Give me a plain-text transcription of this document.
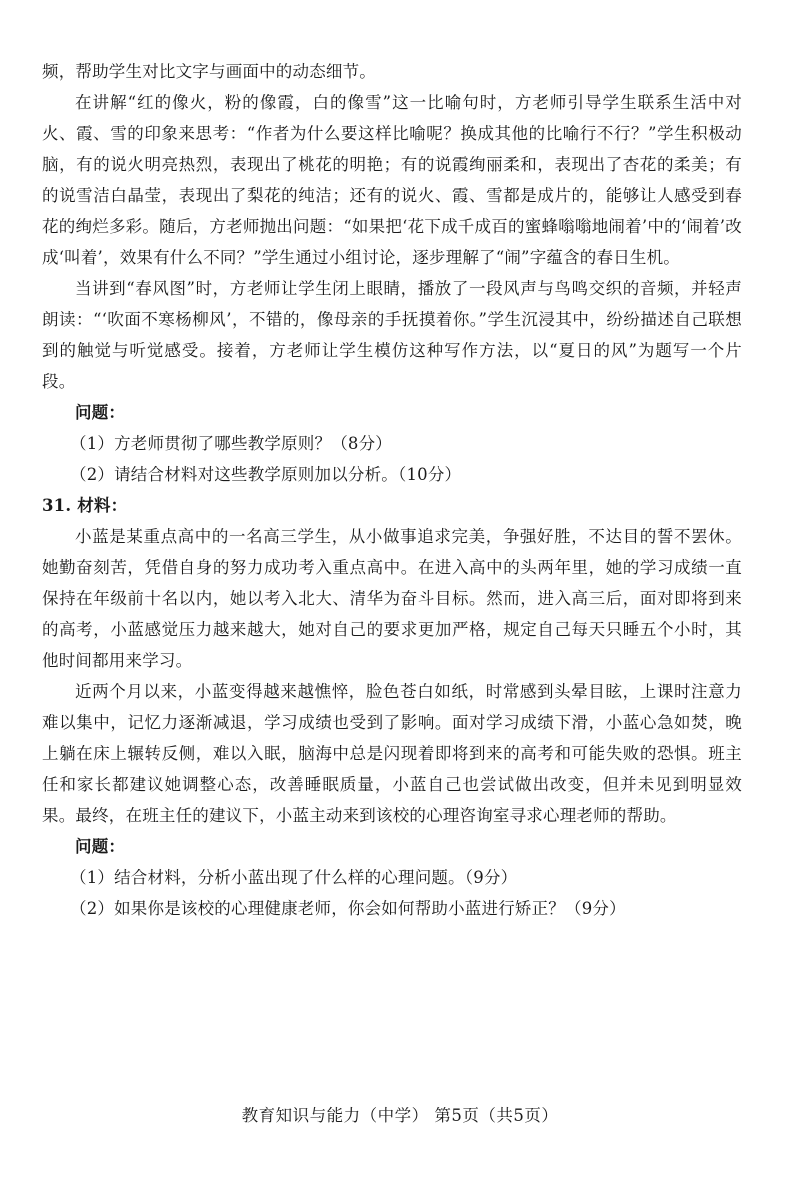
频，帮助学生对比文字与画面中的动态细节。

在讲解“红的像火，粉的像霞，白的像雪”这一比喻句时，方老师引导学生联系生活中对火、霞、雪的印象来思考：“作者为什么要这样比喻呢？换成其他的比喻行不行？”学生积极动脑，有的说火明亮热烈，表现出了桃花的明艳；有的说霞绚丽柔和，表现出了杏花的柔美；有的说雪洁白晶莹，表现出了梨花的纯洁；还有的说火、霞、雪都是成片的，能够让人感受到春花的绚烂多彩。随后，方老师抛出问题：“如果把‘花下成千成百的蜜蜂嗡嗡地闹着’中的‘闹着’改成‘叫着’，效果有什么不同？”学生通过小组讨论，逐步理解了“闹”字蕴含的春日生机。

当讲到“春风图”时，方老师让学生闭上眼睛，播放了一段风声与鸟鸣交织的音频，并轻声朗读：“‘吹面不寒杨柳风’，不错的，像母亲的手抚摸着你。”学生沉浸其中，纷纷描述自己联想到的触觉与听觉感受。接着，方老师让学生模仿这种写作方法，以“夏日的风”为题写一个片段。

问题：

（1）方老师贯彻了哪些教学原则？（8分）

（2）请结合材料对这些教学原则加以分析。（10分）

31. 材料：

小蓝是某重点高中的一名高三学生，从小做事追求完美，争强好胜，不达目的誓不罢休。她勤奋刻苦，凭借自身的努力成功考入重点高中。在进入高中的头两年里，她的学习成绩一直保持在年级前十名以内，她以考入北大、清华为奋斗目标。然而，进入高三后，面对即将到来的高考，小蓝感觉压力越来越大，她对自己的要求更加严格，规定自己每天只睡五个小时，其他时间都用来学习。

近两个月以来，小蓝变得越来越憔悴，脸色苍白如纸，时常感到头晕目眩，上课时注意力难以集中，记忆力逐渐减退，学习成绩也受到了影响。面对学习成绩下滑，小蓝心急如焚，晚上躺在床上辗转反侧，难以入眠，脑海中总是闪现着即将到来的高考和可能失败的恐惧。班主任和家长都建议她调整心态，改善睡眠质量，小蓝自己也尝试做出改变，但并未见到明显效果。最终，在班主任的建议下，小蓝主动来到该校的心理咨询室寻求心理老师的帮助。

问题：

（1）结合材料，分析小蓝出现了什么样的心理问题。（9分）

（2）如果你是该校的心理健康老师，你会如何帮助小蓝进行矫正？（9分）

教育知识与能力（中学） 第5页（共5页）
